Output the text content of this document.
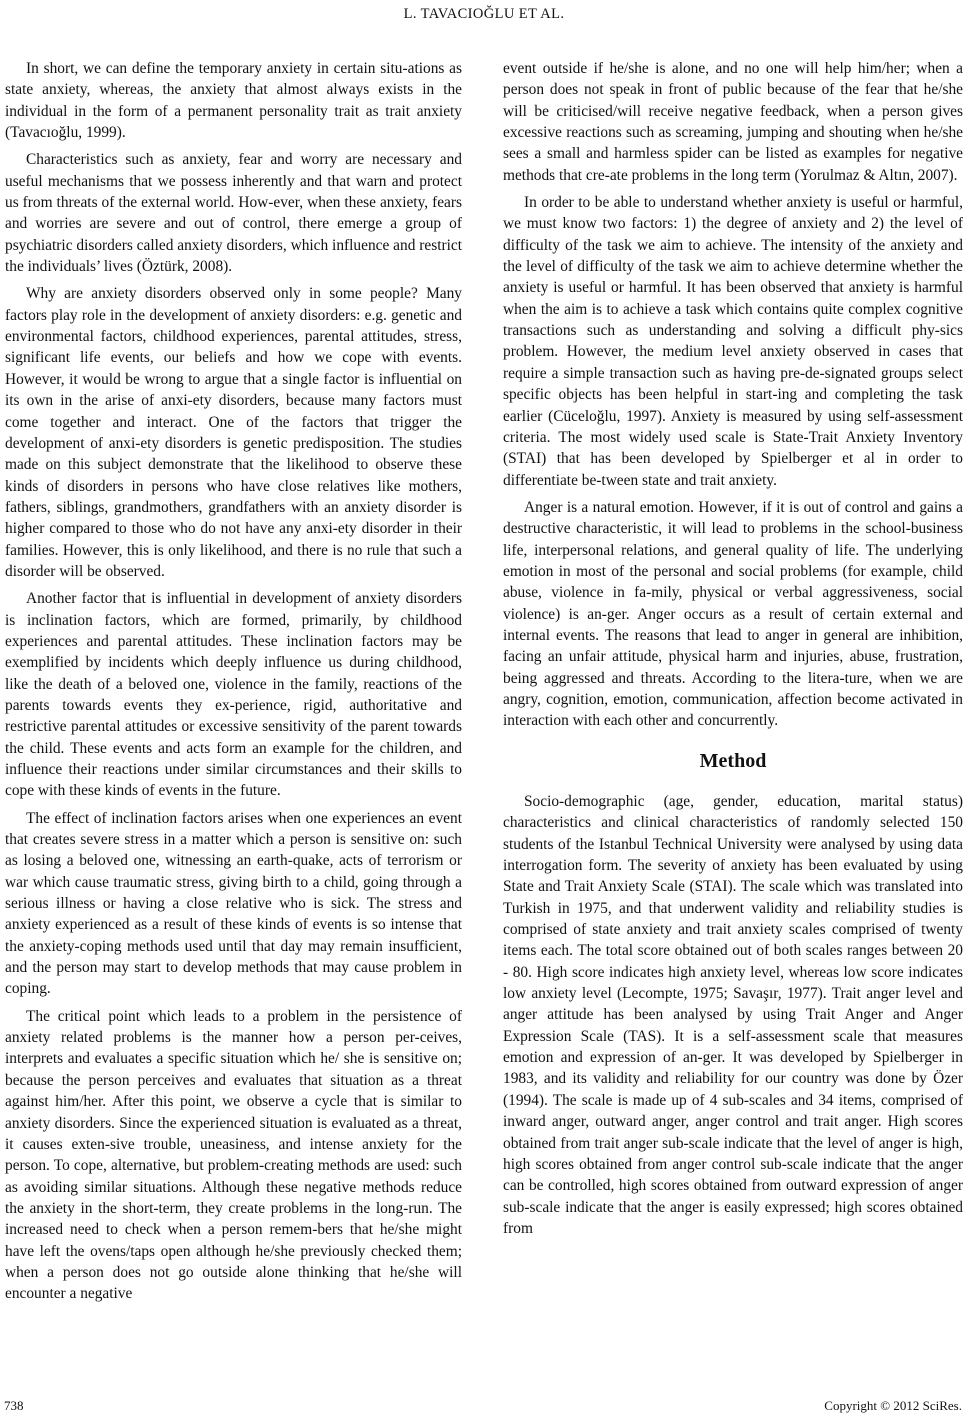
L. TAVACIOĞLU ET AL.

In short, we can define the temporary anxiety in certain situ-ations as state anxiety, whereas, the anxiety that almost always exists in the individual in the form of a permanent personality trait as trait anxiety (Tavacıoğlu, 1999).

Characteristics such as anxiety, fear and worry are necessary and useful mechanisms that we possess inherently and that warn and protect us from threats of the external world. How-ever, when these anxiety, fears and worries are severe and out of control, there emerge a group of psychiatric disorders called anxiety disorders, which influence and restrict the individuals’ lives (Öztürk, 2008).

Why are anxiety disorders observed only in some people? Many factors play role in the development of anxiety disorders: e.g. genetic and environmental factors, childhood experiences, parental attitudes, stress, significant life events, our beliefs and how we cope with events. However, it would be wrong to argue that a single factor is influential on its own in the arise of anxi-ety disorders, because many factors must come together and interact. One of the factors that trigger the development of anxi-ety disorders is genetic predisposition. The studies made on this subject demonstrate that the likelihood to observe these kinds of disorders in persons who have close relatives like mothers, fathers, siblings, grandmothers, grandfathers with an anxiety disorder is higher compared to those who do not have any anxi-ety disorder in their families. However, this is only likelihood, and there is no rule that such a disorder will be observed.

Another factor that is influential in development of anxiety disorders is inclination factors, which are formed, primarily, by childhood experiences and parental attitudes. These inclination factors may be exemplified by incidents which deeply influence us during childhood, like the death of a beloved one, violence in the family, reactions of the parents towards events they ex-perience, rigid, authoritative and restrictive parental attitudes or excessive sensitivity of the parent towards the child. These events and acts form an example for the children, and influence their reactions under similar circumstances and their skills to cope with these kinds of events in the future.

The effect of inclination factors arises when one experiences an event that creates severe stress in a matter which a person is sensitive on: such as losing a beloved one, witnessing an earth-quake, acts of terrorism or war which cause traumatic stress, giving birth to a child, going through a serious illness or having a close relative who is sick. The stress and anxiety experienced as a result of these kinds of events is so intense that the anxiety-coping methods used until that day may remain insufficient, and the person may start to develop methods that may cause problem in coping.

The critical point which leads to a problem in the persistence of anxiety related problems is the manner how a person per-ceives, interprets and evaluates a specific situation which he/ she is sensitive on; because the person perceives and evaluates that situation as a threat against him/her. After this point, we observe a cycle that is similar to anxiety disorders. Since the experienced situation is evaluated as a threat, it causes exten-sive trouble, uneasiness, and intense anxiety for the person. To cope, alternative, but problem-creating methods are used: such as avoiding similar situations. Although these negative methods reduce the anxiety in the short-term, they create problems in the long-run. The increased need to check when a person remem-bers that he/she might have left the ovens/taps open although he/she previously checked them; when a person does not go outside alone thinking that he/she will encounter a negative

event outside if he/she is alone, and no one will help him/her; when a person does not speak in front of public because of the fear that he/she will be criticised/will receive negative feedback, when a person gives excessive reactions such as screaming, jumping and shouting when he/she sees a small and harmless spider can be listed as examples for negative methods that cre-ate problems in the long term (Yorulmaz & Altın, 2007).

In order to be able to understand whether anxiety is useful or harmful, we must know two factors: 1) the degree of anxiety and 2) the level of difficulty of the task we aim to achieve. The intensity of the anxiety and the level of difficulty of the task we aim to achieve determine whether the anxiety is useful or harmful. It has been observed that anxiety is harmful when the aim is to achieve a task which contains quite complex cognitive transactions such as understanding and solving a difficult phy-sics problem. However, the medium level anxiety observed in cases that require a simple transaction such as having pre-de-signated groups select specific objects has been helpful in start-ing and completing the task earlier (Cüceloğlu, 1997). Anxiety is measured by using self-assessment criteria. The most widely used scale is State-Trait Anxiety Inventory (STAI) that has been developed by Spielberger et al in order to differentiate be-tween state and trait anxiety.

Anger is a natural emotion. However, if it is out of control and gains a destructive characteristic, it will lead to problems in the school-business life, interpersonal relations, and general quality of life. The underlying emotion in most of the personal and social problems (for example, child abuse, violence in fa-mily, physical or verbal aggressiveness, social violence) is an-ger. Anger occurs as a result of certain external and internal events. The reasons that lead to anger in general are inhibition, facing an unfair attitude, physical harm and injuries, abuse, frustration, being aggressed and threats. According to the litera-ture, when we are angry, cognition, emotion, communication, affection become activated in interaction with each other and concurrently.

Method

Socio-demographic (age, gender, education, marital status) characteristics and clinical characteristics of randomly selected 150 students of the Istanbul Technical University were analysed by using data interrogation form. The severity of anxiety has been evaluated by using State and Trait Anxiety Scale (STAI). The scale which was translated into Turkish in 1975, and that underwent validity and reliability studies is comprised of state anxiety and trait anxiety scales comprised of twenty items each. The total score obtained out of both scales ranges between 20 - 80. High score indicates high anxiety level, whereas low score indicates low anxiety level (Lecompte, 1975; Savaşır, 1977). Trait anger level and anger attitude has been analysed by using Trait Anger and Anger Expression Scale (TAS). It is a self-assessment scale that measures emotion and expression of an-ger. It was developed by Spielberger in 1983, and its validity and reliability for our country was done by Özer (1994). The scale is made up of 4 sub-scales and 34 items, comprised of inward anger, outward anger, anger control and trait anger. High scores obtained from trait anger sub-scale indicate that the level of anger is high, high scores obtained from anger control sub-scale indicate that the anger can be controlled, high scores obtained from outward expression of anger sub-scale indicate that the anger is easily expressed; high scores obtained from

738	Copyright © 2012 SciRes.
